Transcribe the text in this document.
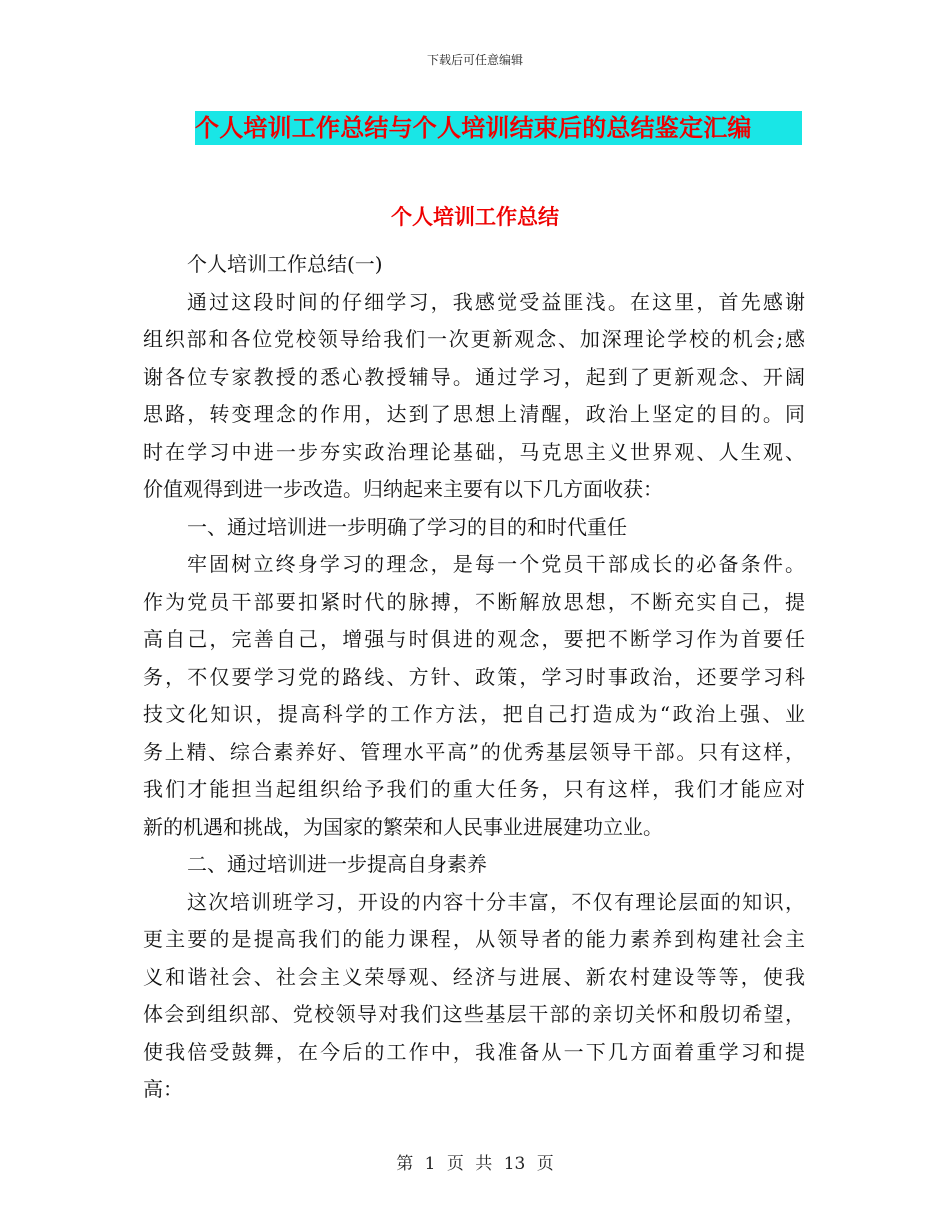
下载后可任意编辑
个人培训工作总结与个人培训结束后的总结鉴定汇编
个人培训工作总结
个人培训工作总结(一)
通过这段时间的仔细学习，我感觉受益匪浅。在这里，首先感谢
组织部和各位党校领导给我们一次更新观念、加深理论学校的机会;感
谢各位专家教授的悉心教授辅导。通过学习，起到了更新观念、开阔
思路，转变理念的作用，达到了思想上清醒，政治上坚定的目的。同
时在学习中进一步夯实政治理论基础，马克思主义世界观、人生观、
价值观得到进一步改造。归纳起来主要有以下几方面收获：
一、通过培训进一步明确了学习的目的和时代重任
牢固树立终身学习的理念，是每一个党员干部成长的必备条件。
作为党员干部要扣紧时代的脉搏，不断解放思想，不断充实自己，提
高自己，完善自己，增强与时俱进的观念，要把不断学习作为首要任
务，不仅要学习党的路线、方针、政策，学习时事政治，还要学习科
技文化知识，提高科学的工作方法，把自己打造成为“政治上强、业
务上精、综合素养好、管理水平高”的优秀基层领导干部。只有这样，
我们才能担当起组织给予我们的重大任务，只有这样，我们才能应对
新的机遇和挑战，为国家的繁荣和人民事业进展建功立业。
二、通过培训进一步提高自身素养
这次培训班学习，开设的内容十分丰富，不仅有理论层面的知识，
更主要的是提高我们的能力课程，从领导者的能力素养到构建社会主
义和谐社会、社会主义荣辱观、经济与进展、新农村建设等等，使我
体会到组织部、党校领导对我们这些基层干部的亲切关怀和殷切希望，
使我倍受鼓舞，在今后的工作中，我准备从一下几方面着重学习和提
高：
第 1 页 共 13 页
